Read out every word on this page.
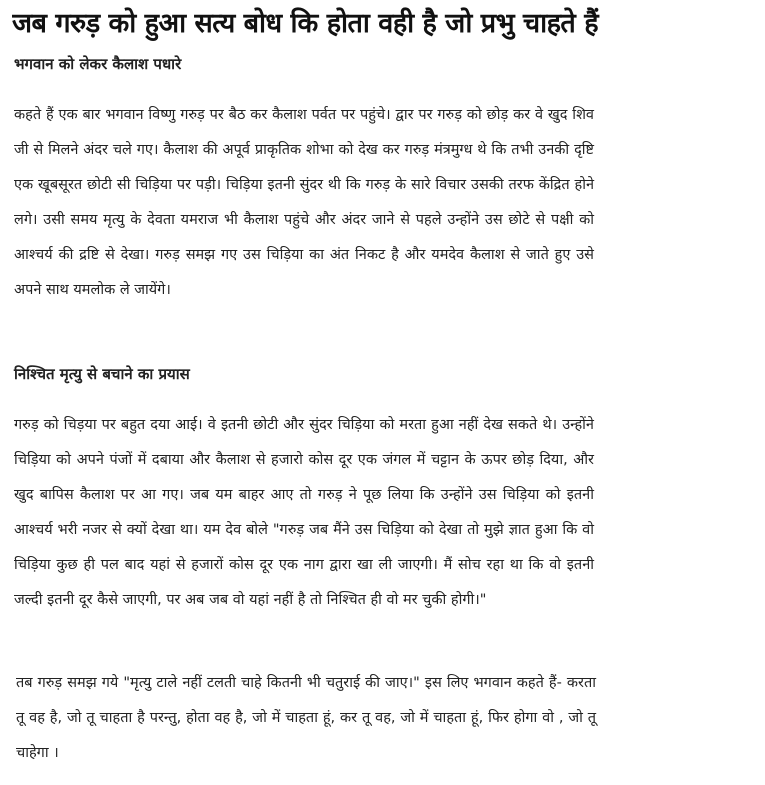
जब गरुड़ को हुआ सत्य बोध कि होता वही है जो प्रभु चाहते हैं
भगवान को लेकर कैलाश पधारे

कहते हैं एक बार भगवान विष्णु गरुड़ पर बैठ कर कैलाश पर्वत पर पहुंचे। द्वार पर गरुड़ को छोड़ कर वे खुद शिव जी से मिलने अंदर चले गए। कैलाश की अपूर्व प्राकृतिक शोभा को देख कर गरुड़ मंत्रमुग्ध थे कि तभी उनकी दृष्टि एक खूबसूरत छोटी सी चिड़िया पर पड़ी। चिड़िया इतनी सुंदर थी कि गरुड़ के सारे विचार उसकी तरफ केंद्रित होने लगे। उसी समय मृत्यु के देवता यमराज भी कैलाश पहुंचे और अंदर जाने से पहले उन्होंने उस छोटे से पक्षी को आश्चर्य की द्रष्टि से देखा। गरुड़ समझ गए उस चिड़िया का अंत निकट है और यमदेव कैलाश से जाते हुए उसे अपने साथ यमलोक ले जायेंगे।

निश्चित मृत्यु से बचाने का प्रयास

गरुड़ को चिड़या पर बहुत दया आई। वे इतनी छोटी और सुंदर चिड़िया को मरता हुआ नहीं देख सकते थे। उन्होंने चिड़िया को अपने पंजों में दबाया और कैलाश से हजारो कोस दूर एक जंगल में चट्टान के ऊपर छोड़ दिया, और खुद बापिस कैलाश पर आ गए। जब यम बाहर आए तो गरुड़ ने पूछ लिया कि उन्होंने उस चिड़िया को इतनी आश्चर्य भरी नजर से क्यों देखा था। यम देव बोले "गरुड़ जब मैंने उस चिड़िया को देखा तो मुझे ज्ञात हुआ कि वो चिड़िया कुछ ही पल बाद यहां से हजारों कोस दूर एक नाग द्वारा खा ली जाएगी। मैं सोच रहा था कि वो इतनी जल्दी इतनी दूर कैसे जाएगी, पर अब जब वो यहां नहीं है तो निश्चित ही वो मर चुकी होगी।"

तब गरुड़ समझ गये "मृत्यु टाले नहीं टलती चाहे कितनी भी चतुराई की जाए।" इस लिए भगवान कहते हैं- करता तू वह है, जो तू चाहता है परन्तु, होता वह है, जो में चाहता हूं, कर तू वह, जो में चाहता हूं, फिर होगा वो , जो तू चाहेगा ।
